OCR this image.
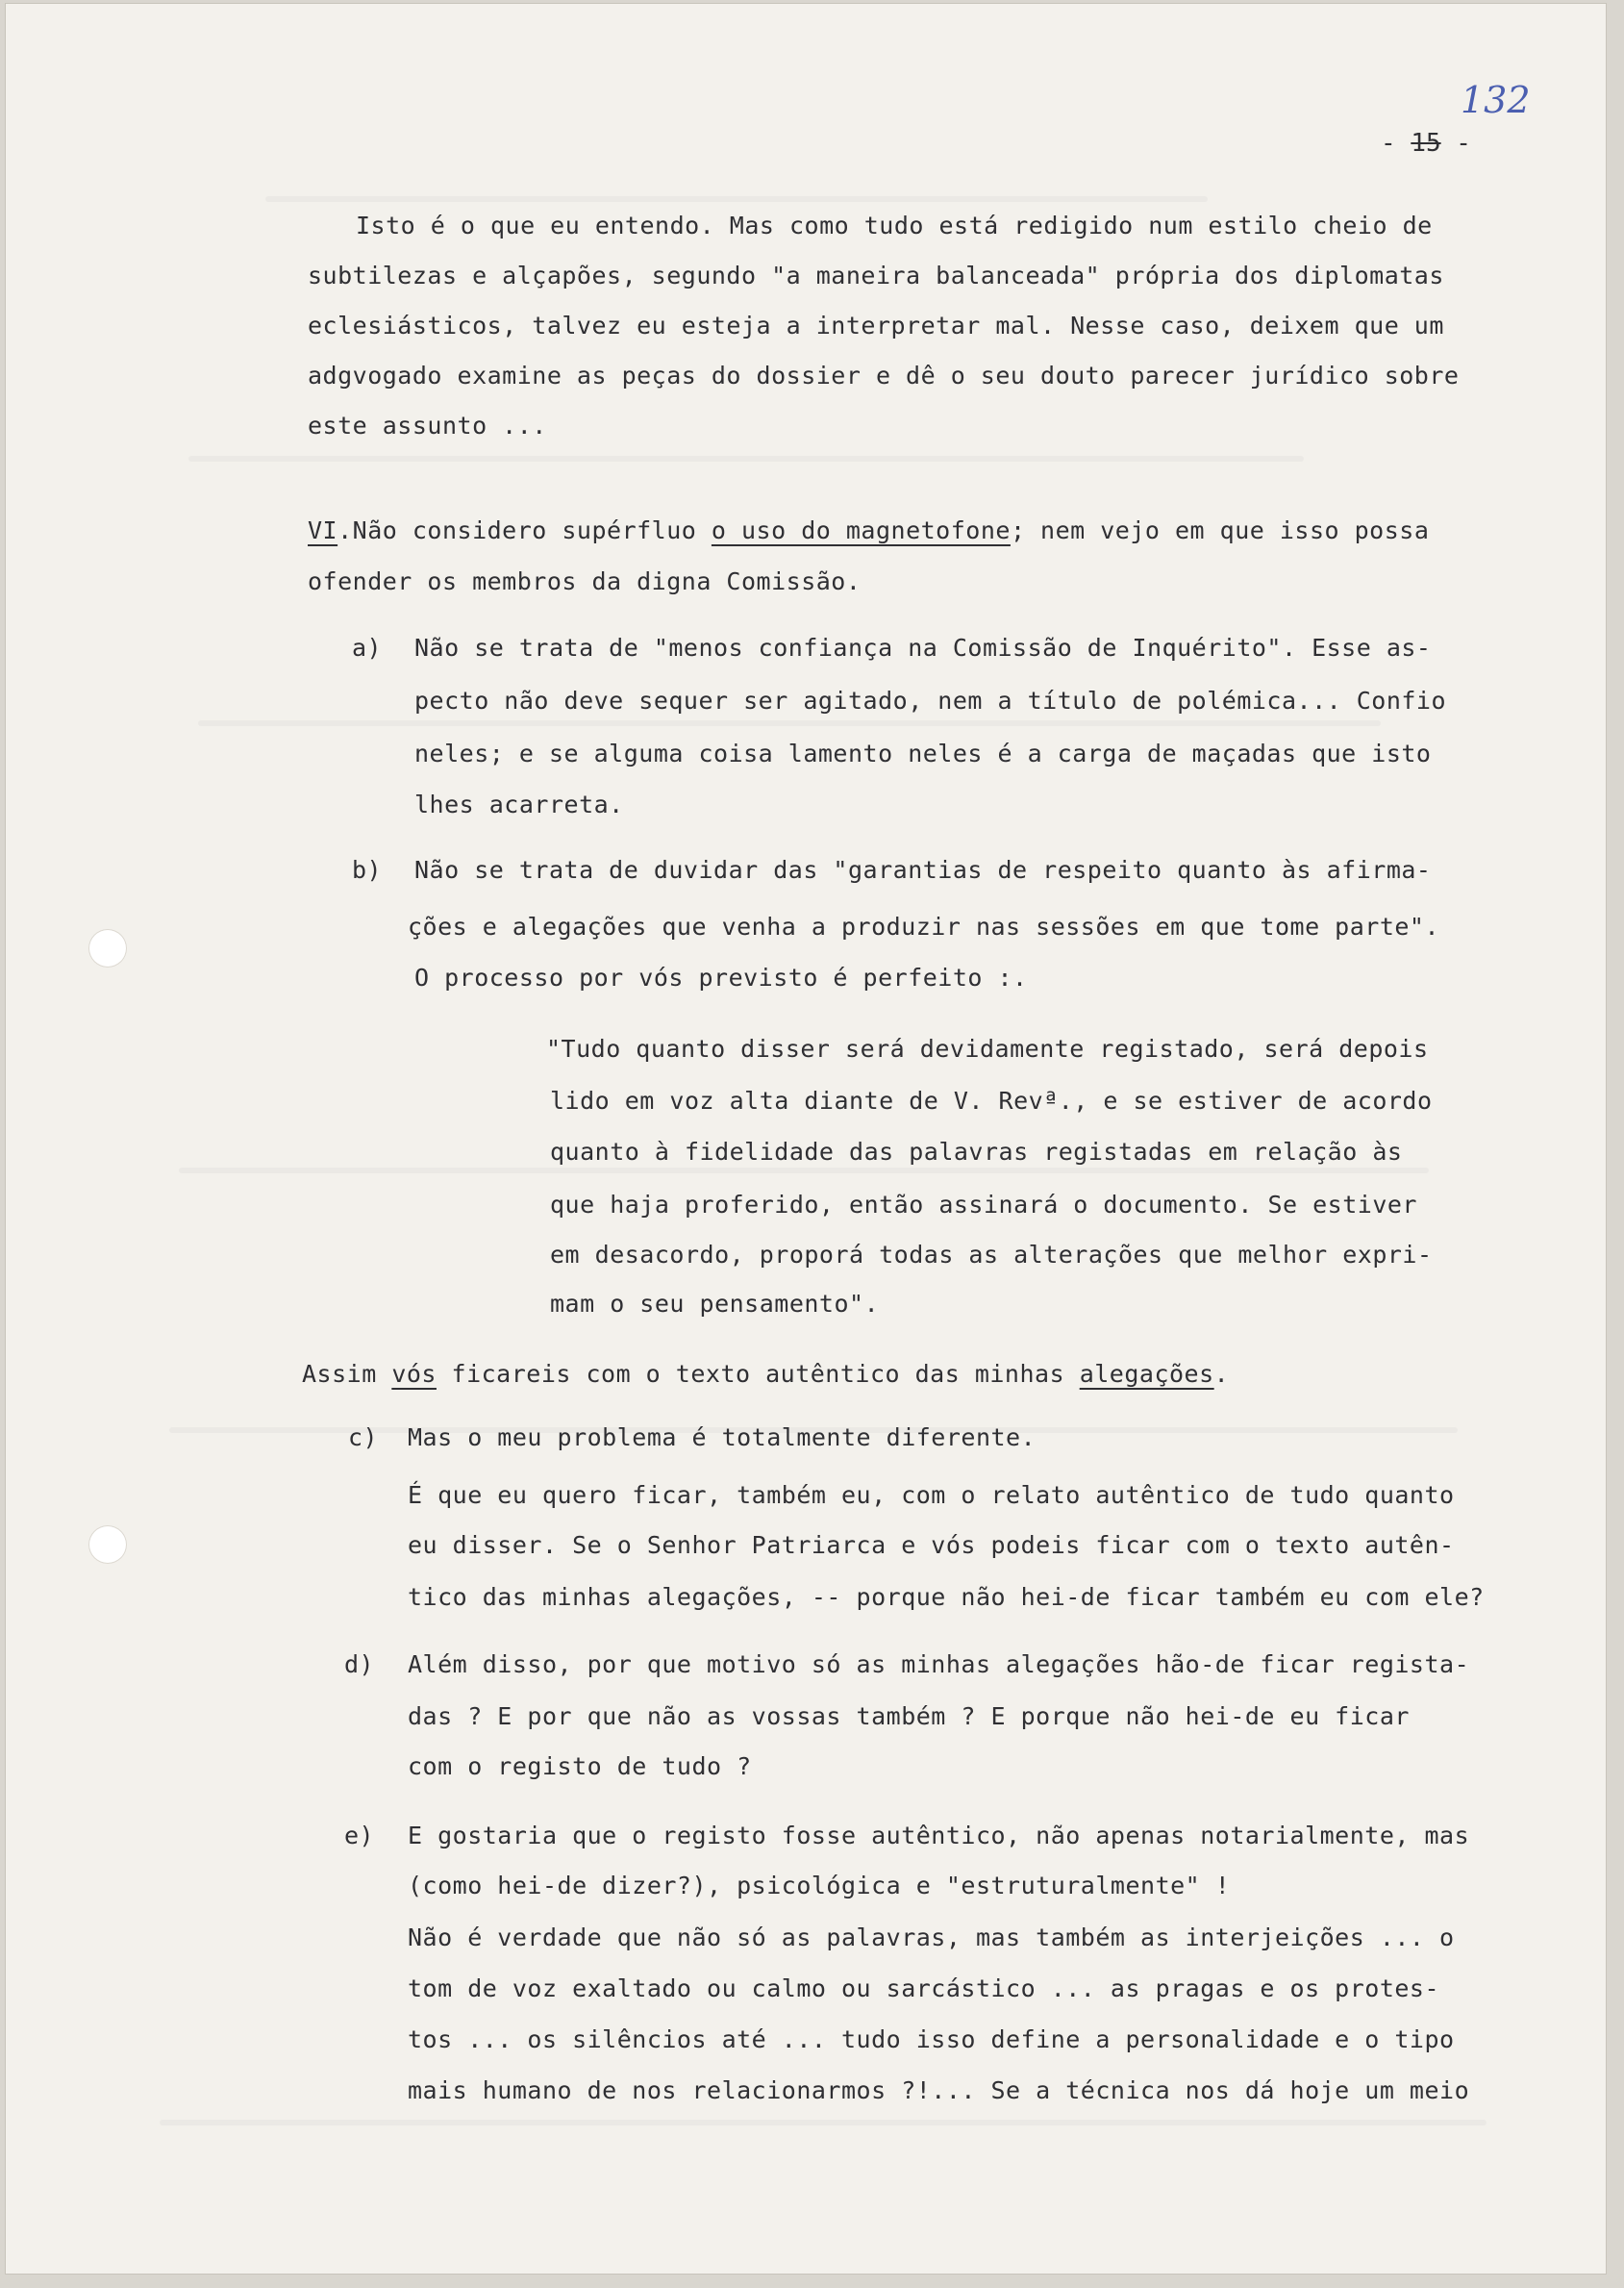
132
- 15 -
Isto é o que eu entendo. Mas como tudo está redigido num estilo cheio de
subtilezas e alçapões, segundo "a maneira balanceada" própria dos diplomatas
eclesiásticos, talvez eu esteja a interpretar mal. Nesse caso, deixem que um
adgvogado examine as peças do dossier e dê o seu douto parecer jurídico sobre
este assunto ...
VI.Não considero supérfluo o uso do magnetofone; nem vejo em que isso possa
ofender os membros da digna Comissão.
a) Não se trata de "menos confiança na Comissão de Inquérito". Esse as-
pecto não deve sequer ser agitado, nem a título de polémica... Confio
neles; e se alguma coisa lamento neles é a carga de maçadas que isto
lhes acarreta.
b) Não se trata de duvidar das "garantias de respeito quanto às afirma-
ções e alegações que venha a produzir nas sessões em que tome parte".
O processo por vós previsto é perfeito :.
"Tudo quanto disser será devidamente registado, será depois
lido em voz alta diante de V. Revª., e se estiver de acordo
quanto à fidelidade das palavras registadas em relação às
que haja proferido, então assinará o documento. Se estiver
em desacordo, proporá todas as alterações que melhor expri-
mam o seu pensamento".
Assim vós ficareis com o texto autêntico das minhas alegações.
c) Mas o meu problema é totalmente diferente.
É que eu quero ficar, também eu, com o relato autêntico de tudo quanto
eu disser. Se o Senhor Patriarca e vós podeis ficar com o texto autên-
tico das minhas alegações, -- porque não hei-de ficar também eu com ele?
d) Além disso, por que motivo só as minhas alegações hão-de ficar regista-
das ? E por que não as vossas também ? E porque não hei-de eu ficar
com o registo de tudo ?
e) E gostaria que o registo fosse autêntico, não apenas notarialmente, mas
(como hei-de dizer?), psicológica e "estruturalmente" !
Não é verdade que não só as palavras, mas também as interjeições ... o
tom de voz exaltado ou calmo ou sarcástico ... as pragas e os protes-
tos ... os silêncios até ... tudo isso define a personalidade e o tipo
mais humano de nos relacionarmos ?!... Se a técnica nos dá hoje um meio
